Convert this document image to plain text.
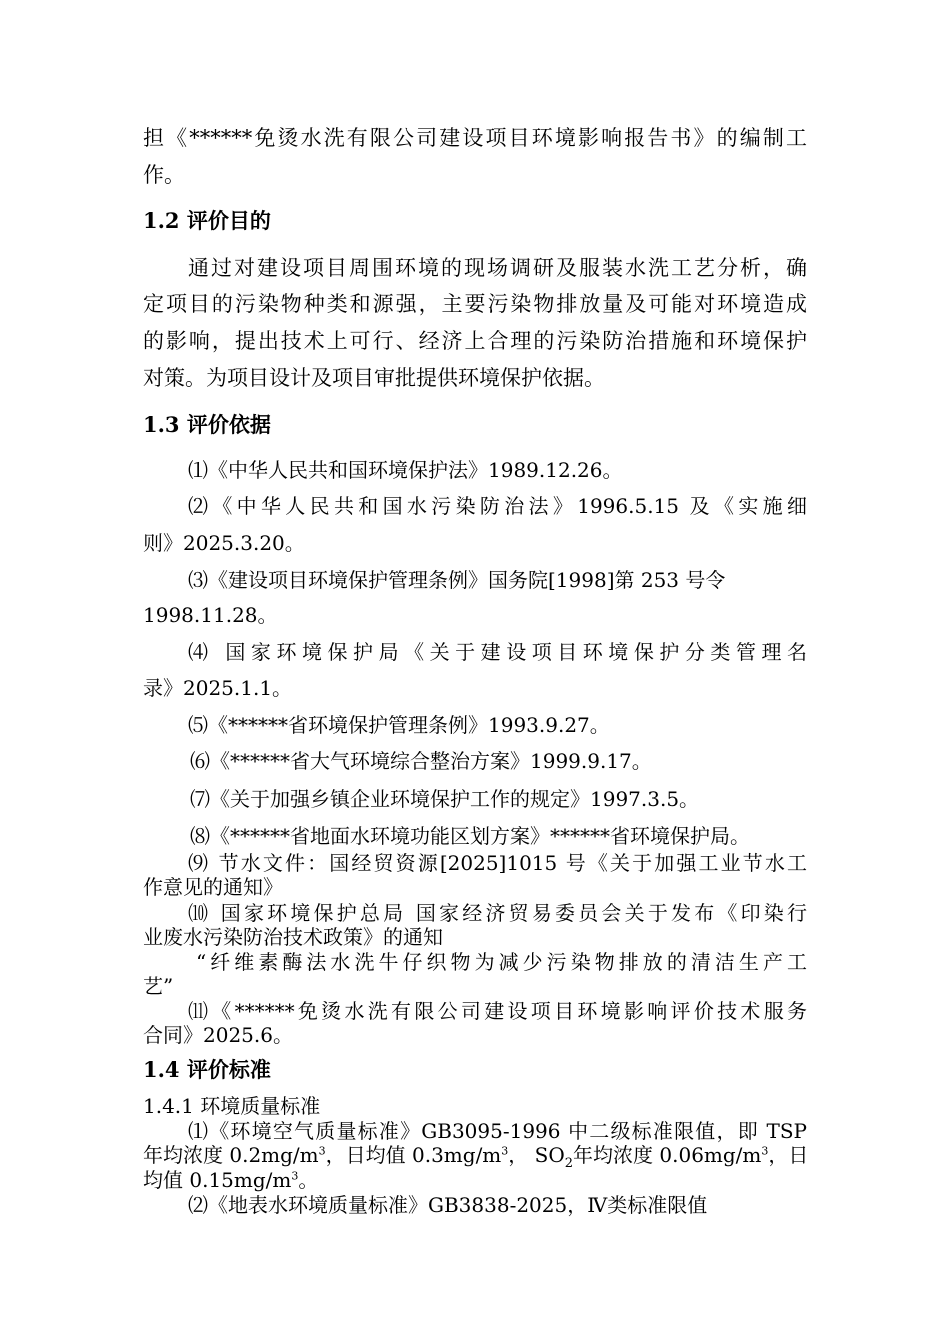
担《******免烫水洗有限公司建设项目环境影响报告书》的编制工
作。
1.2 评价目的
通过对建设项目周围环境的现场调研及服装水洗工艺分析，确
定项目的污染物种类和源强，主要污染物排放量及可能对环境造成
的影响，提出技术上可行、经济上合理的污染防治措施和环境保护
对策。为项目设计及项目审批提供环境保护依据。
1.3 评价依据
⑴《中华人民共和国环境保护法》1989.12.26。
⑵《中华人民共和国水污染防治法》1996.5.15 及《实施细
则》2025.3.20。
⑶《建设项目环境保护管理条例》国务院[1998]第 253 号令
1998.11.28。
⑷ 国家环境保护局《关于建设项目环境保护分类管理名
录》2025.1.1。
⑸《******省环境保护管理条例》1993.9.27。
⑹《******省大气环境综合整治方案》1999.9.17。
⑺《关于加强乡镇企业环境保护工作的规定》1997.3.5。
⑻《******省地面水环境功能区划方案》******省环境保护局。
⑼ 节水文件：国经贸资源[2025]1015 号《关于加强工业节水工
作意见的通知》
⑽ 国家环境保护总局 国家经济贸易委员会关于发布《印染行
业废水污染防治技术政策》的通知
“纤维素酶法水洗牛仔织物为减少污染物排放的清洁生产工
艺”
⑾《******免烫水洗有限公司建设项目环境影响评价技术服务
合同》2025.6。
1.4 评价标准
1.4.1 环境质量标准
⑴《环境空气质量标准》GB3095-1996 中二级标准限值，即 TSP
年均浓度 $0.2mg/m^3$，日均值 $0.3mg/m^3$， $SO_2$年均浓度 $0.06mg/m^3$，日
均值 $0.15mg/m^3$。
⑵《地表水环境质量标准》GB3838-2025，Ⅳ类标准限值
